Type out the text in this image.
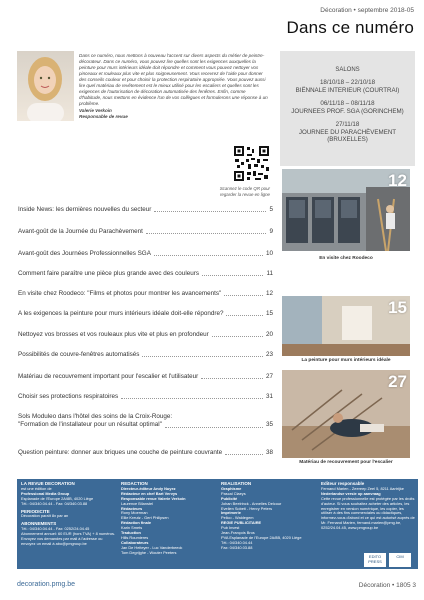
Décoration • septembre 2018-05
Dans ce numéro

Dans ce numéro, nous mettons à nouveau l'accent sur divers aspects du métier de peintre-décorateur. Dans ce numéro, vous pouvez lire quelles sont les exigences auxquelles la peinture pour murs intérieurs idéale doit répondre et comment vous pouvez nettoyer vos pinceaux et rouleaux plus vite et plus soigneusement. Vous recevrez de l'aide pour donner des conseils couleur et pour choisir la protection respiratoire appropriée. Vous pouvez aussi lire quel matériau de revêtement est le mieux utilisé pour les escaliers et quelles sont les exigences de l'autorisation de décoration automatisée des fenêtres. Enfin, comme d'habitude, nous mettons en évidence l'un de vos collègues et formulerons une réponse à un problème.

Valerie Verkoin
Responsable de revue
Scannez le code QR pour regarder la revue en ligne
SALONS
18/10/18 – 22/10/18
BIËNNALE INTERIEUR (COURTRAI)
06/11/18 – 08/11/18
JOURNEES PROF. SGA (GORINCHEM)
27/11/18
JOURNEE DU PARACHÈVEMENT (BRUXELLES)
Inside News: les dernières nouvelles du secteur	5
Avant-goût de la Journée du Parachèvement	9
Avant-goût des Journées Professionnelles SGA	10
Comment faire paraître une pièce plus grande avec des couleurs	11
En visite chez Roodeco: "Films et photos pour montrer les avancements"	12
A les exigences la peinture pour murs intérieurs idéale doit-elle répondre?	15
Nettoyez vos brosses et vos rouleaux plus vite et plus en profondeur	20
Possibilités de couvre-fenêtres automatisés	23
Matériau de recouvrement important pour l'escalier et l'utilisateur	27
Choisir ses protections respiratoires	31
Sols Moduleo dans l'hôtel des soins de la Croix-Rouge:
"Formation de l'installateur pour un résultat optimal"	35
Question peinture: donner aux briques une couche de peinture couvrante	38
12
En visite chez Roodeco
15
La peinture pour murs intérieurs idéale
27
Matériau de recouvrement pour l'escalier
LA REVUE DECORATION
est une édition de
Professional Media Group
Esplanade de l'Europe 2A/8B, 4020 Liège
Tél.: 04/340.04.44 - Fax: 04/340.03.88
PERIODICITE
Décoration paraît 8x par an
ABONNEMENTS
Tél.: 04/340.04.44 - Fax: 0252/24.04.45
Abonnement annuel: 60 EUR (hors TVA) + 8 numéros. Envoyez vos demandes par mail à l'adresse ou envoyez un email à abo@pmgroup.be
REDACTION
Directeur-éditeur Andy Nuyez
Rédacteur en chef Bart Vervys
Responsable revue Valerie Verkoin
Laurence Bilanstel
Rédacteurs
Rony Moerman
Ellie Kreutz - Gert Philipsen
Rédaction finale
Karin Smets
Traduction
Hills Roumieres
Collaborateurs
Jan De Heiteyer - Luc Vanderbeeck
Tom Degrijghe - Wouter Peeters
REALISATION
Graphisme
Pascal Claeys
Publicité
Johan Beelrinck - Annelies Delcour
Evelien Sobeti - Henry Peters
Imprimerie
Pelico - Waldegem
REGIE PUBLICITAIRE
Pub Invest
Jean-François Bros
PVA Esplanade de l'Europe 2A/8B, 4020 Liège
Tél.: 04/340.04.44
Fax: 04/340.03.88
Editeur responsable
Fernand Marien - Zeereep Zeel 5, 8211 Aartrijke
Nederlandse versie op aanvraag
Cette revue professionnelle est protégée par les droits d'auteur. Si vous souhaitez acheter des articles, les enregistrer en version numérique, les copier, les utiliser à des fins commerciales ou didactiques, informez-vous d'abord et ce qui est autorisé auprès de Mr. Fernand Marien, fernand.marien@pmg.be, 0252/24.04.45, www.pmgroup.be
EDITO PRESS
CIM
decoration.pmg.be	Décoration • 1805 3
